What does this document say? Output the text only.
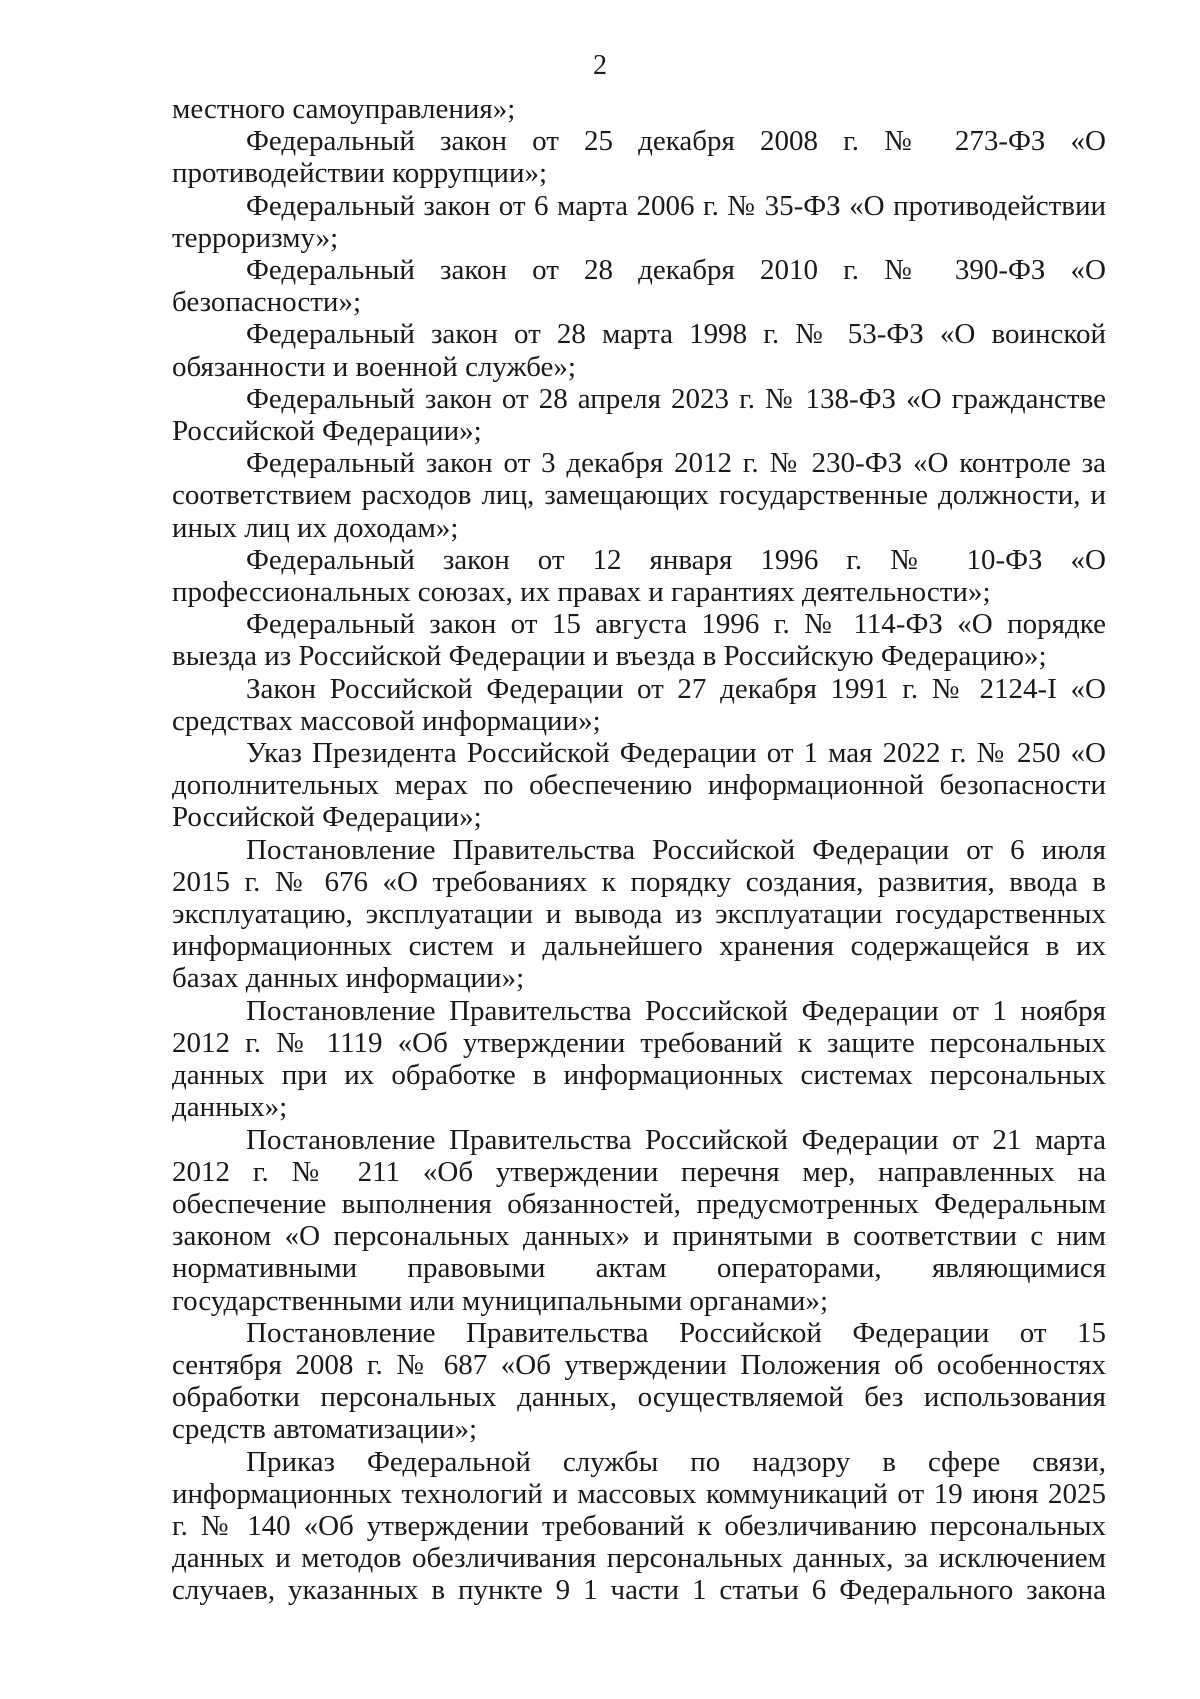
2

местного самоуправления»;

Федеральный закон от 25 декабря 2008 г. № 273-ФЗ «О противодействии коррупции»;

Федеральный закон от 6 марта 2006 г. № 35-ФЗ «О противодействии терроризму»;

Федеральный закон от 28 декабря 2010 г. № 390-ФЗ «О безопасности»;

Федеральный закон от 28 марта 1998 г. № 53-ФЗ «О воинской обязанности и военной службе»;

Федеральный закон от 28 апреля 2023 г. № 138-ФЗ «О гражданстве Российской Федерации»;

Федеральный закон от 3 декабря 2012 г. № 230-ФЗ «О контроле за соответствием расходов лиц, замещающих государственные должности, и иных лиц их доходам»;

Федеральный закон от 12 января 1996 г. № 10-ФЗ «О профессиональных союзах, их правах и гарантиях деятельности»;

Федеральный закон от 15 августа 1996 г. № 114-ФЗ «О порядке выезда из Российской Федерации и въезда в Российскую Федерацию»;

Закон Российской Федерации от 27 декабря 1991 г. № 2124-I «О средствах массовой информации»;

Указ Президента Российской Федерации от 1 мая 2022 г. № 250 «О дополнительных мерах по обеспечению информационной безопасности Российской Федерации»;

Постановление Правительства Российской Федерации от 6 июля 2015 г. № 676 «О требованиях к порядку создания, развития, ввода в эксплуатацию, эксплуатации и вывода из эксплуатации государственных информационных систем и дальнейшего хранения содержащейся в их базах данных информации»;

Постановление Правительства Российской Федерации от 1 ноября 2012 г. № 1119 «Об утверждении требований к защите персональных данных при их обработке в информационных системах персональных данных»;

Постановление Правительства Российской Федерации от 21 марта 2012 г. № 211 «Об утверждении перечня мер, направленных на обеспечение выполнения обязанностей, предусмотренных Федеральным законом «О персональных данных» и принятыми в соответствии с ним нормативными правовыми актам операторами, являющимися государственными или муниципальными органами»;

Постановление Правительства Российской Федерации от 15 сентября 2008 г. № 687 «Об утверждении Положения об особенностях обработки персональных данных, осуществляемой без использования средств автоматизации»;

Приказ Федеральной службы по надзору в сфере связи, информационных технологий и массовых коммуникаций от 19 июня 2025 г. № 140 «Об утверждении требований к обезличиванию персональных данных и методов обезличивания персональных данных, за исключением случаев, указанных в пункте 9 1 части 1 статьи 6 Федерального закона
